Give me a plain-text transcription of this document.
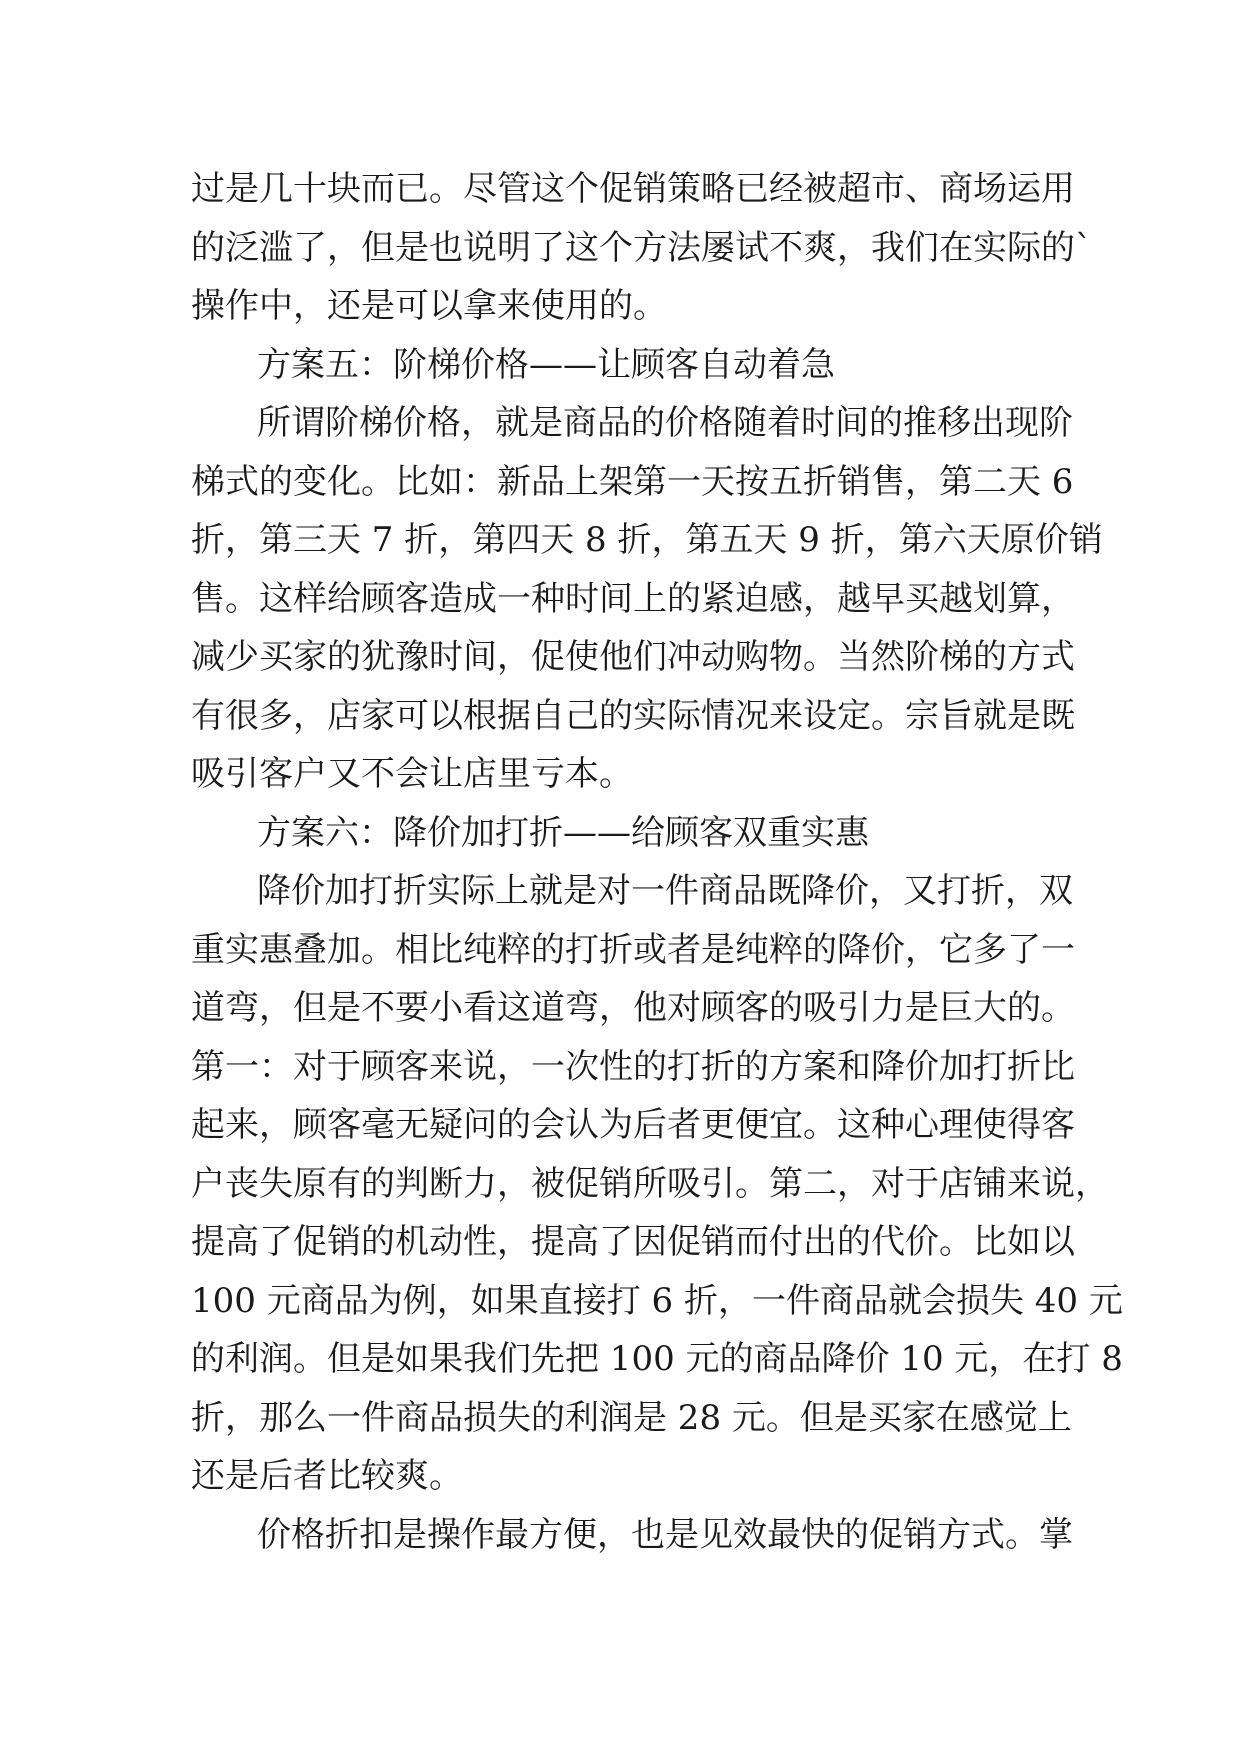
过是几十块而已。尽管这个促销策略已经被超市、商场运用
的泛滥了，但是也说明了这个方法屡试不爽，我们在实际的`
操作中，还是可以拿来使用的。
方案五：阶梯价格——让顾客自动着急
所谓阶梯价格，就是商品的价格随着时间的推移出现阶
梯式的变化。比如：新品上架第一天按五折销售，第二天 6
折，第三天 7 折，第四天 8 折，第五天 9 折，第六天原价销
售。这样给顾客造成一种时间上的紧迫感，越早买越划算，
减少买家的犹豫时间，促使他们冲动购物。当然阶梯的方式
有很多，店家可以根据自己的实际情况来设定。宗旨就是既
吸引客户又不会让店里亏本。
方案六：降价加打折——给顾客双重实惠
降价加打折实际上就是对一件商品既降价，又打折，双
重实惠叠加。相比纯粹的打折或者是纯粹的降价，它多了一
道弯，但是不要小看这道弯，他对顾客的吸引力是巨大的。
第一：对于顾客来说，一次性的打折的方案和降价加打折比
起来，顾客毫无疑问的会认为后者更便宜。这种心理使得客
户丧失原有的判断力，被促销所吸引。第二，对于店铺来说，
提高了促销的机动性，提高了因促销而付出的代价。比如以
100 元商品为例，如果直接打 6 折，一件商品就会损失 40 元
的利润。但是如果我们先把 100 元的商品降价 10 元，在打 8
折，那么一件商品损失的利润是 28 元。但是买家在感觉上
还是后者比较爽。
价格折扣是操作最方便，也是见效最快的促销方式。掌
